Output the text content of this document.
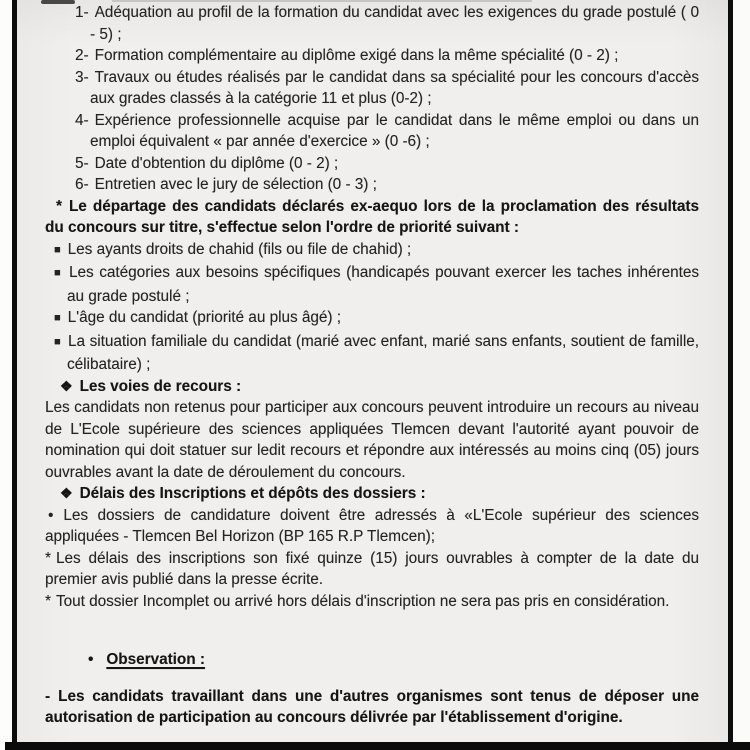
1- Adéquation au profil de la formation du candidat avec les exigences du grade postulé ( 0 - 5) ;

2- Formation complémentaire au diplôme exigé dans la même spécialité (0 - 2) ;

3- Travaux ou études réalisés par le candidat dans sa spécialité pour les concours d'accès aux grades classés à la catégorie 11 et plus (0-2) ;

4- Expérience professionnelle acquise par le candidat dans le même emploi ou dans un emploi équivalent « par année d'exercice » (0 -6) ;

5- Date d'obtention du diplôme (0 - 2) ;

6- Entretien avec le jury de sélection (0 - 3) ;

* Le départage des candidats déclarés ex-aequo lors de la proclamation des résultats du concours sur titre, s'effectue selon l'ordre de priorité suivant :

■ Les ayants droits de chahid (fils ou file de chahid) ;

■ Les catégories aux besoins spécifiques (handicapés pouvant exercer les taches inhérentes au grade postulé ;

■ L'âge du candidat (priorité au plus âgé) ;

■ La situation familiale du candidat (marié avec enfant, marié sans enfants, soutient de famille, célibataire) ;

❖ Les voies de recours :

Les candidats non retenus pour participer aux concours peuvent introduire un recours au niveau de L'Ecole supérieure des sciences appliquées Tlemcen devant l'autorité ayant pouvoir de nomination qui doit statuer sur ledit recours et répondre aux intéressés au moins cinq (05) jours ouvrables avant la date de déroulement du concours.

❖ Délais des Inscriptions et dépôts des dossiers :

• Les dossiers de candidature doivent être adressés à «L'Ecole supérieur des sciences appliquées - Tlemcen Bel Horizon (BP 165 R.P Tlemcen);

* Les délais des inscriptions son fixé quinze (15) jours ouvrables à compter de la date du premier avis publié dans la presse écrite.

* Tout dossier Incomplet ou arrivé hors délais d'inscription ne sera pas pris en considération.

• Observation :

- Les candidats travaillant dans une d'autres organismes sont tenus de déposer une autorisation de participation au concours délivrée par l'établissement d'origine.
